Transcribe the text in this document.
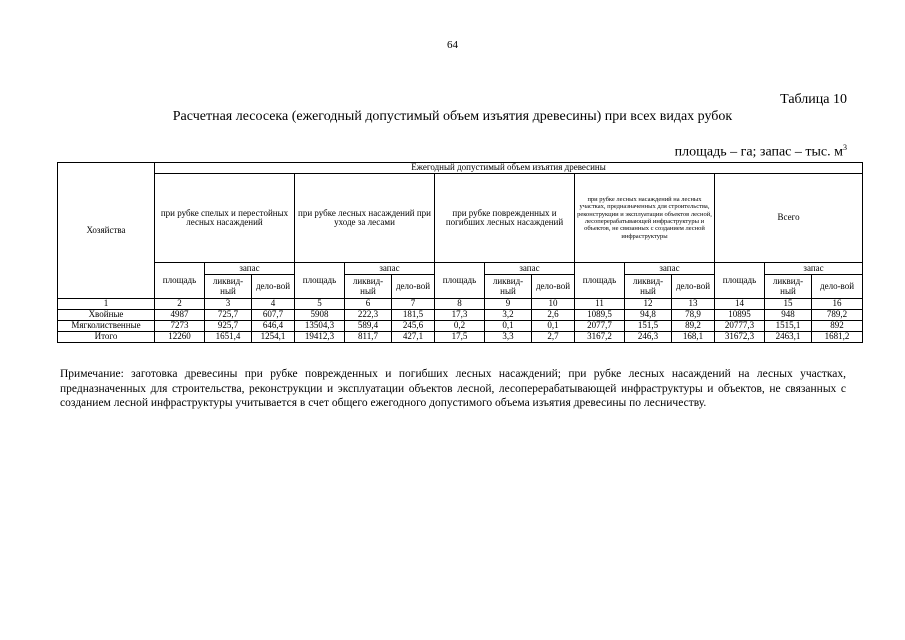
64
Таблица 10
Расчетная лесосека (ежегодный допустимый объем изъятия древесины) при всех видах рубок
площадь – га; запас – тыс. $м^3$
Хозяйства	Ежегодный допустимый объем изъятия древесины														
	при рубке спелых и перестойных лесных насаждений			при рубке лесных насаждений при уходе за лесами			при рубке поврежденных и погибших лесных насаждений			при рубке лесных насаждений на лесных участках, предназначенных для строительства, реконструкции и эксплуатации объектов лесной, лесоперерабатывающей инфраструктуры и объектов, не связанных с созданием лесной инфраструктуры			Всего		
	площадь	запас		площадь	запас		площадь	запас		площадь	запас		площадь	запас	
		ликвид-ный	дело-вой		ликвид-ный	дело-вой		ликвид-ный	дело-вой		ликвид-ный	дело-вой		ликвид-ный	дело-вой
1	2	3	4	5	6	7	8	9	10	11	12	13	14	15	16
Хвойные	4987	725,7	607,7	5908	222,3	181,5	17,3	3,2	2,6	1089,5	94,8	78,9	10895	948	789,2
Мягколиственные	7273	925,7	646,4	13504,3	589,4	245,6	0,2	0,1	0,1	2077,7	151,5	89,2	20777,3	1515,1	892
Итого	12260	1651,4	1254,1	19412,3	811,7	427,1	17,5	3,3	2,7	3167,2	246,3	168,1	31672,3	2463,1	1681,2
Примечание: заготовка древесины при рубке поврежденных и погибших лесных насаждений; при рубке лесных насаждений на лесных участках, предназначенных для строительства, реконструкции и эксплуатации объектов лесной, лесоперерабатывающей инфраструктуры и объектов, не связанных с созданием лесной инфраструктуры учитывается в счет общего ежегодного допустимого объема изъятия древесины по лесничеству.
